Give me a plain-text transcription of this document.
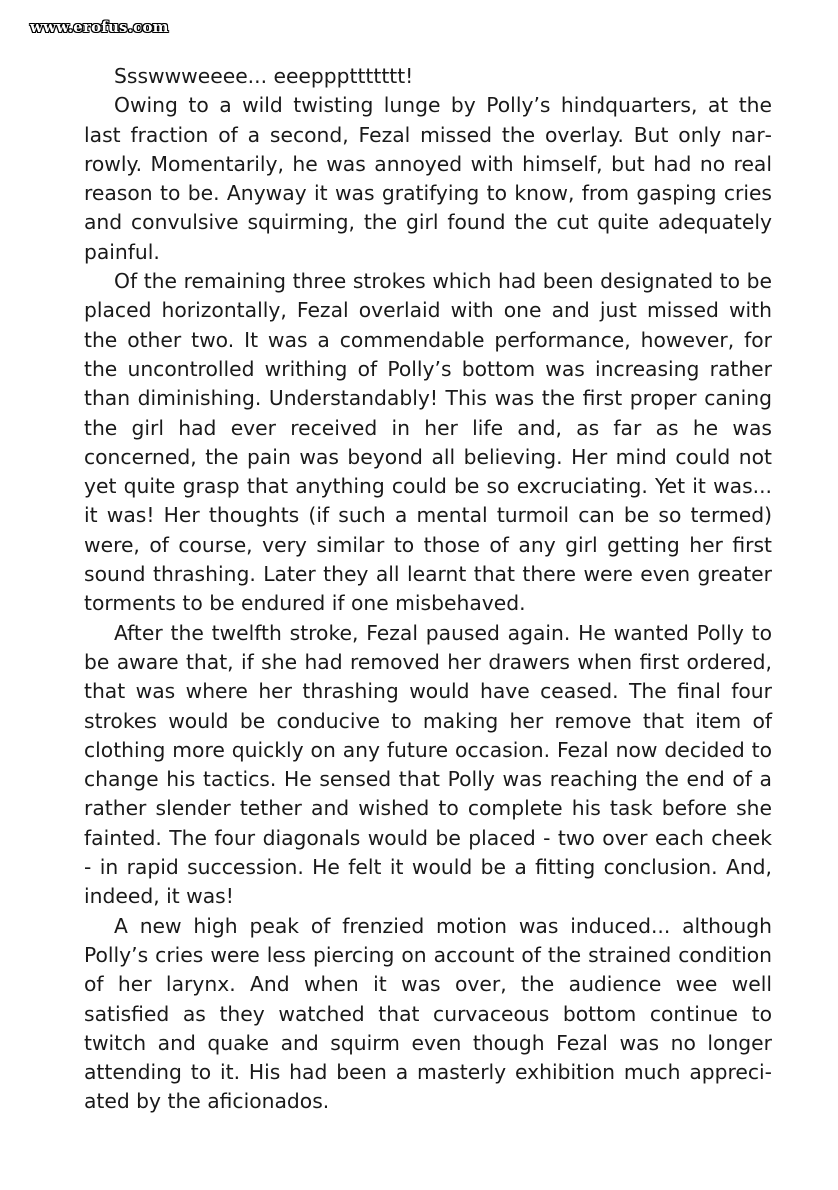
www.erofus.com

Ssswwweeee... eeepppttttttt!

Owing to a wild twisting lunge by Polly’s hindquarters, at the last fraction of a second, Fezal missed the overlay. But only narrowly. Momentarily, he was annoyed with himself, but had no real reason to be. Anyway it was gratifying to know, from gasping cries and convulsive squirming, the girl found the cut quite adequately painful.

Of the remaining three strokes which had been designated to be placed horizontally, Fezal overlaid with one and just missed with the other two. It was a commendable performance, however, for the uncontrolled writhing of Polly’s bottom was increasing rather than diminishing. Understandably! This was the first proper caning the girl had ever received in her life and, as far as he was concerned, the pain was beyond all believing. Her mind could not yet quite grasp that anything could be so excruciating. Yet it was... it was! Her thoughts (if such a mental turmoil can be so termed) were, of course, very similar to those of any girl getting her first sound thrashing. Later they all learnt that there were even greater torments to be endured if one misbehaved.

After the twelfth stroke, Fezal paused again. He wanted Polly to be aware that, if she had removed her drawers when first ordered, that was where her thrashing would have ceased. The final four strokes would be conducive to making her remove that item of clothing more quickly on any future occasion. Fezal now decided to change his tactics. He sensed that Polly was reaching the end of a rather slender tether and wished to complete his task before she fainted. The four diagonals would be placed - two over each cheek - in rapid succession. He felt it would be a fitting conclusion. And, indeed, it was!

A new high peak of frenzied motion was induced... although Polly’s cries were less piercing on account of the strained condition of her larynx. And when it was over, the audience wee well satisfied as they watched that curvaceous bottom continue to twitch and quake and squirm even though Fezal was no longer attending to it. His had been a masterly exhibition much appreciated by the aficionados.
